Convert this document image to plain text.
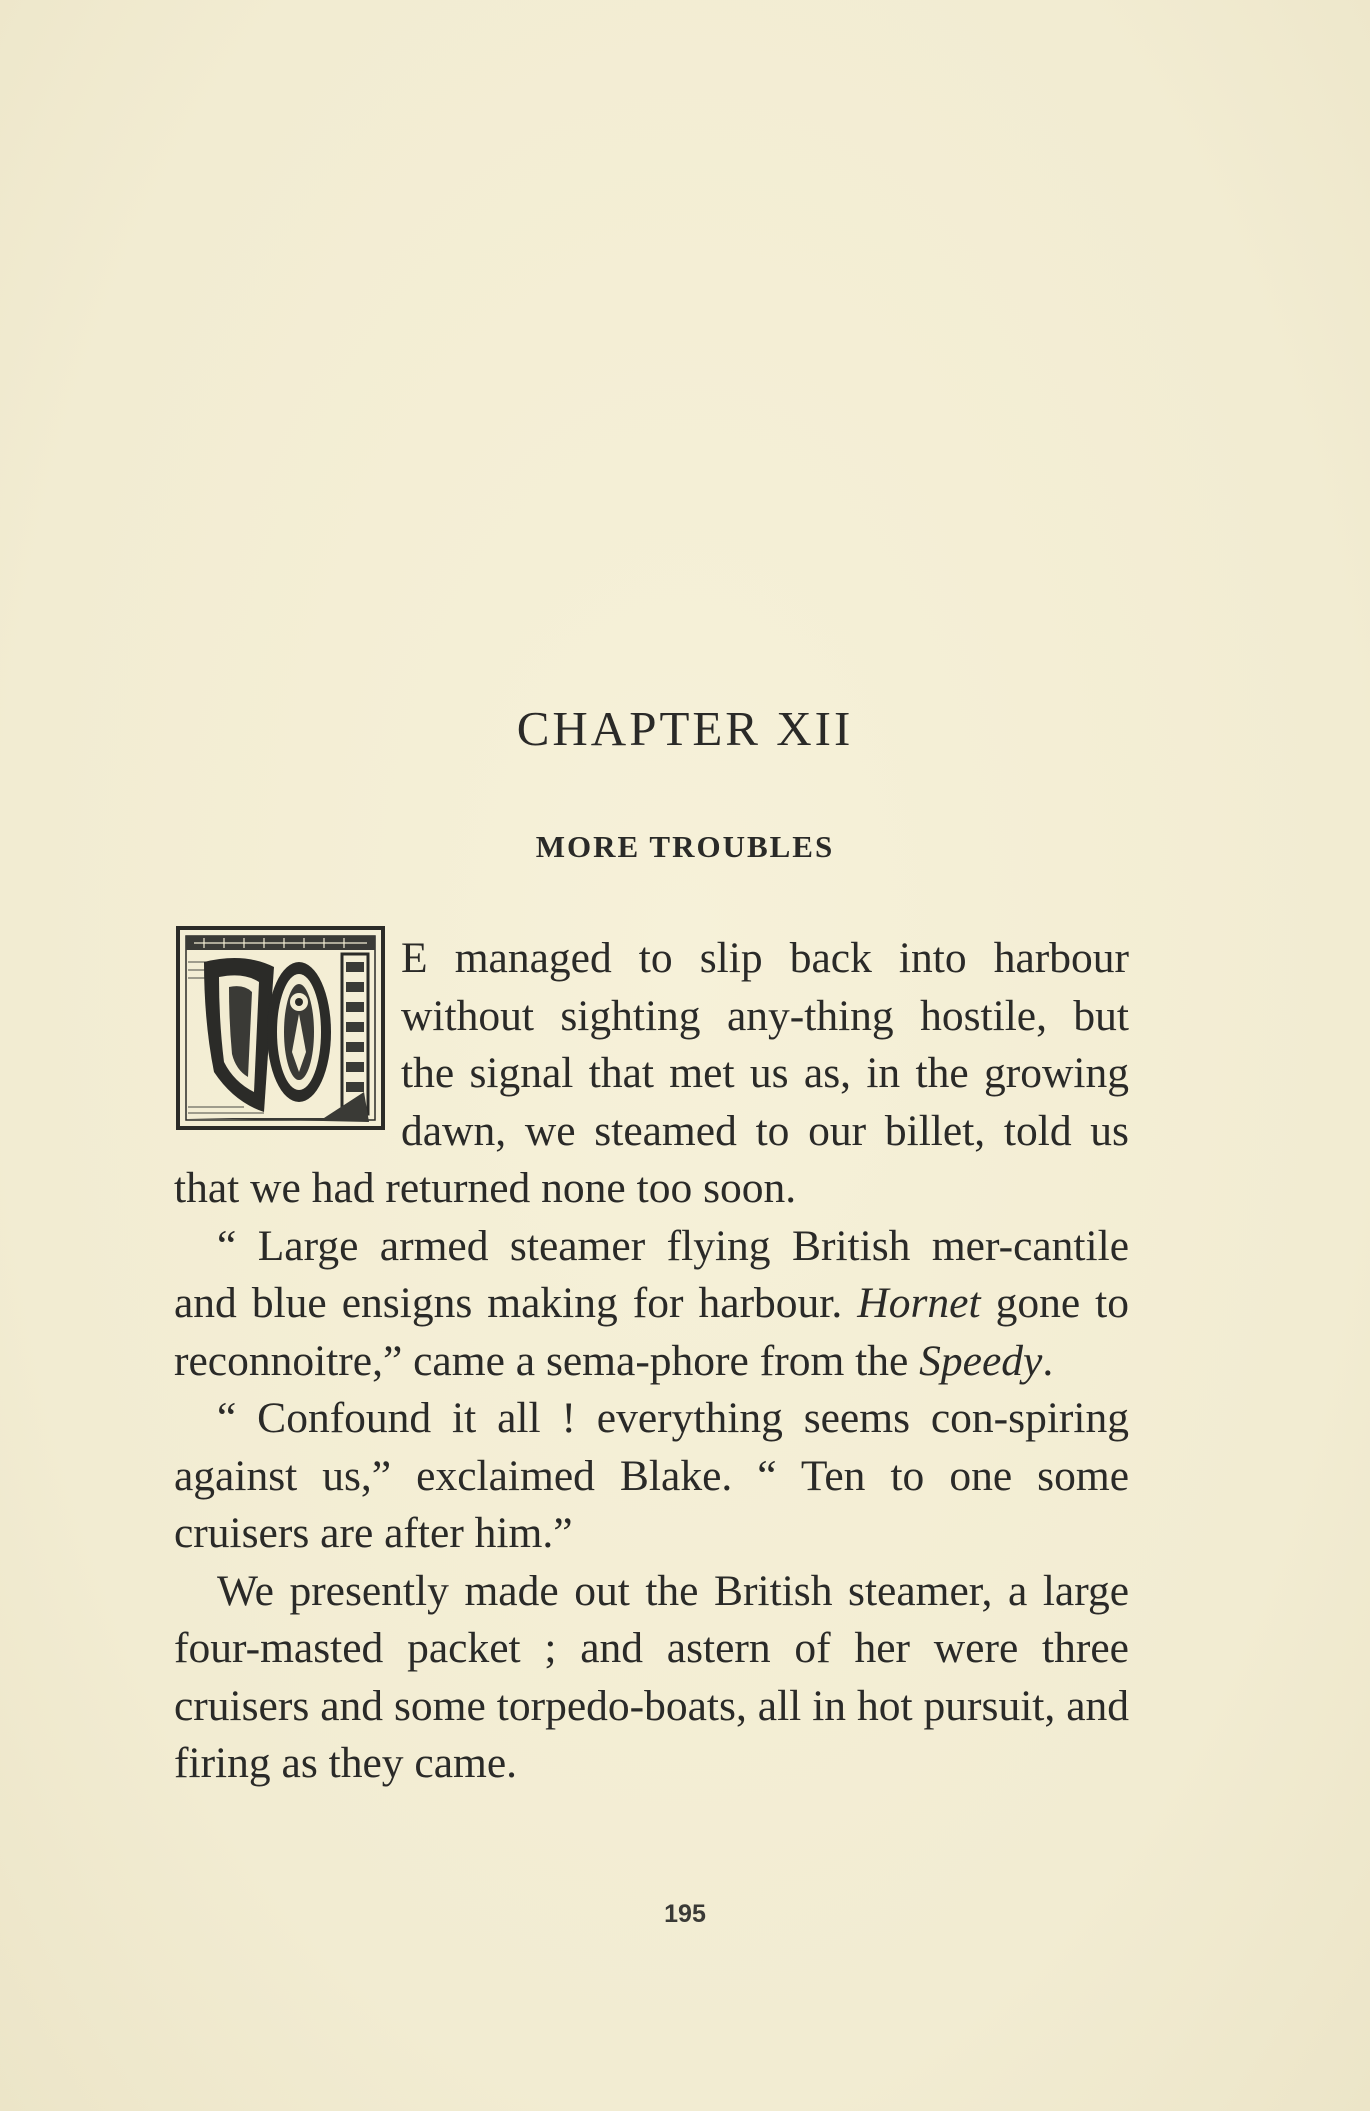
CHAPTER XII
MORE TROUBLES

E managed to slip back into harbour without sighting any-thing hostile, but the signal that met us as, in the growing dawn, we steamed to our billet, told us that we had returned none too soon.

“ Large armed steamer flying British mer-cantile and blue ensigns making for harbour. Hornet gone to reconnoitre,” came a sema-phore from the Speedy.

“ Confound it all ! everything seems con-spiring against us,” exclaimed Blake. “ Ten to one some cruisers are after him.”

We presently made out the British steamer, a large four-masted packet ; and astern of her were three cruisers and some torpedo-boats, all in hot pursuit, and firing as they came.

195
